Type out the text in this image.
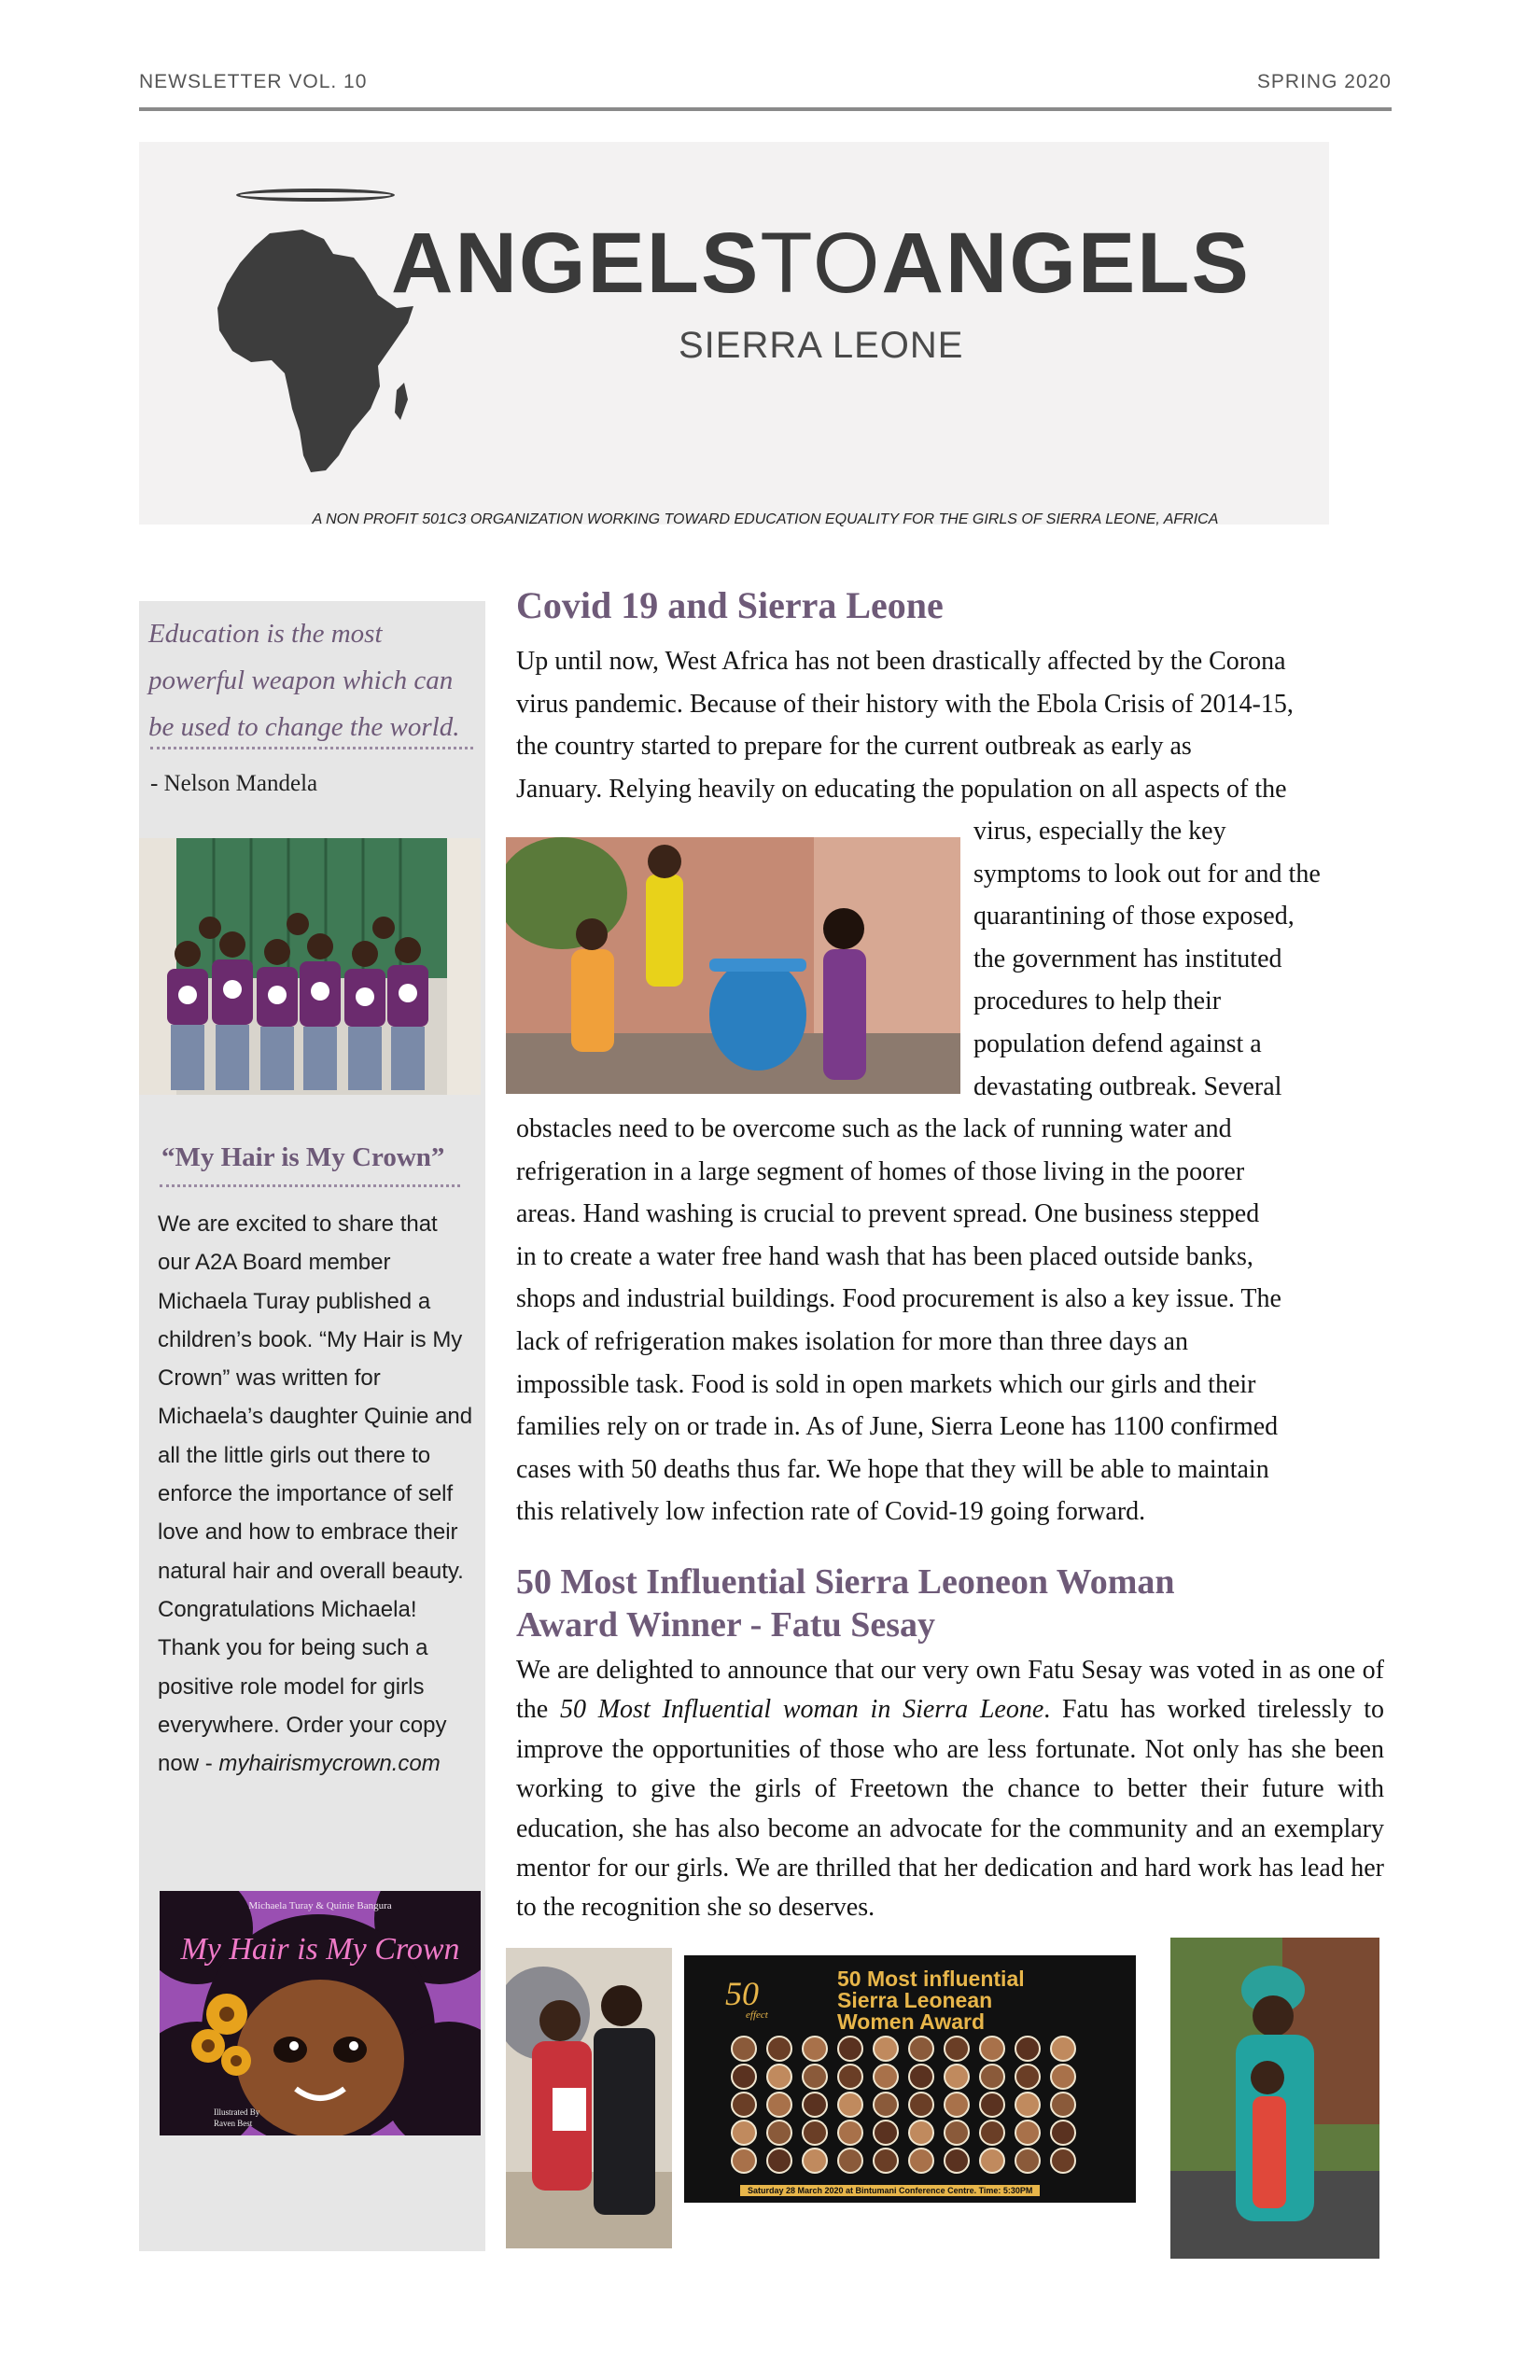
NEWSLETTER VOL. 10	SPRING 2020
ANGELSTOANGELS
SIERRA LEONE
A NON PROFIT 501C3 ORGANIZATION WORKING TOWARD EDUCATION EQUALITY FOR THE GIRLS OF SIERRA LEONE, AFRICA
Education is the most
powerful weapon which can
be used to change the world.
- Nelson Mandela
“My Hair is My Crown”
We are excited to share that our A2A Board member Michaela Turay published a children’s book. “My Hair is My Crown” was written for Michaela’s daughter Quinie and all the little girls out there to enforce the importance of self love and how to embrace their natural hair and overall beauty. Congratulations Michaela! Thank you for being such a positive role model for girls everywhere. Order your copy now - myhairismycrown.com
Michaela Turay & Quinie Bangura
My Hair is My Crown
Illustrated By
Raven Best
Covid 19 and Sierra Leone
Up until now, West Africa has not been drastically affected by the Corona
virus pandemic. Because of their history with the Ebola Crisis of 2014-15,
the country started to prepare for the current outbreak as early as
January. Relying heavily on educating the population on all aspects of the
virus, especially the key
symptoms to look out for and the
quarantining of those exposed,
the government has instituted
procedures to help their
population defend against a
devastating outbreak. Several
obstacles need to be overcome such as the lack of running water and
refrigeration in a large segment of homes of those living in the poorer
areas. Hand washing is crucial to prevent spread. One business stepped
in to create a water free hand wash that has been placed outside banks,
shops and industrial buildings. Food procurement is also a key issue. The
lack of refrigeration makes isolation for more than three days an
impossible task. Food is sold in open markets which our girls and their
families rely on or trade in. As of June, Sierra Leone has 1100 confirmed
cases with 50 deaths thus far. We hope that they will be able to maintain
this relatively low infection rate of Covid-19 going forward.
50 Most Influential Sierra Leoneon Woman
Award Winner - Fatu Sesay
We are delighted to announce that our very own Fatu Sesay was voted in as one of the 50 Most Influential woman in Sierra Leone. Fatu has worked tirelessly to improve the opportunities of those who are less fortunate. Not only has she been working to give the girls of Freetown the chance to better their future with education, she has also become an advocate for the community and an exemplary mentor for our girls. We are thrilled that her dedication and hard work has lead her to the recognition she so deserves.
50
effect
50 Most influential
Sierra Leonean
Women Award
Saturday 28 March 2020 at Bintumani Conference Centre. Time: 5:30PM
